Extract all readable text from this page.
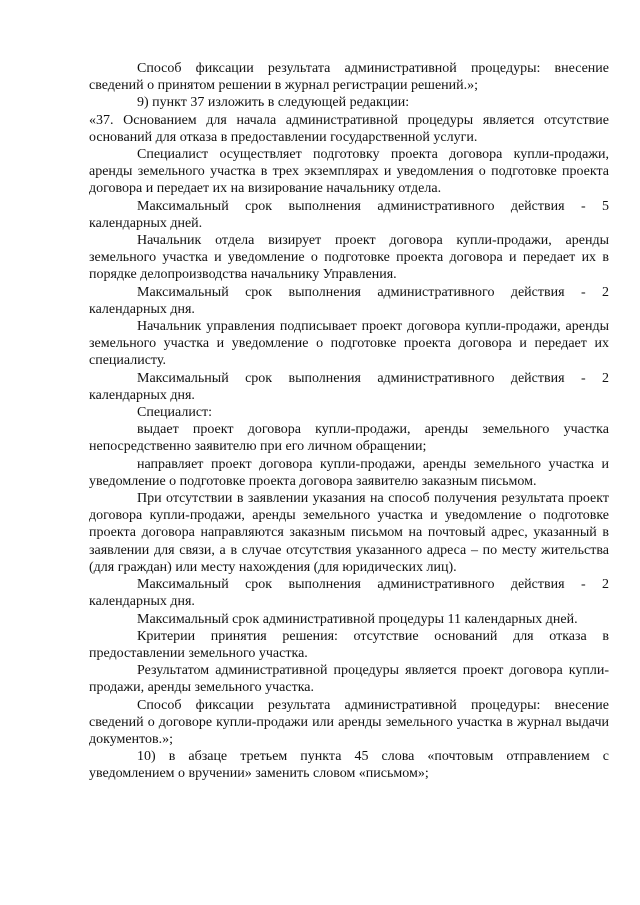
Способ фиксации результата административной процедуры: внесение сведений о принятом решении в журнал регистрации решений.»;

9) пункт 37 изложить в следующей редакции:

«37. Основанием для начала административной процедуры является отсутствие оснований для отказа в предоставлении государственной услуги.

Специалист осуществляет подготовку проекта договора купли-продажи, аренды земельного участка в трех экземплярах и уведомления о подготовке проекта договора и передает их на визирование начальнику отдела.

Максимальный срок выполнения административного действия - 5 календарных дней.

Начальник отдела визирует проект договора купли-продажи, аренды земельного участка и уведомление о подготовке проекта договора и передает их в порядке делопроизводства начальнику Управления.

Максимальный срок выполнения административного действия - 2 календарных дня.

Начальник управления подписывает проект договора купли-продажи, аренды земельного участка и уведомление о подготовке проекта договора и передает их специалисту.

Максимальный срок выполнения административного действия - 2 календарных дня.

Специалист:

выдает проект договора купли-продажи, аренды земельного участка непосредственно заявителю при его личном обращении;

направляет проект договора купли-продажи, аренды земельного участка и уведомление о подготовке проекта договора заявителю заказным письмом.

При отсутствии в заявлении указания на способ получения результата проект договора купли-продажи, аренды земельного участка и уведомление о подготовке проекта договора направляются заказным письмом на почтовый адрес, указанный в заявлении для связи, а в случае отсутствия указанного адреса – по месту жительства (для граждан) или месту нахождения (для юридических лиц).

Максимальный срок выполнения административного действия - 2 календарных дня.

Максимальный срок административной процедуры 11 календарных дней.

Критерии принятия решения: отсутствие оснований для отказа в предоставлении земельного участка.

Результатом административной процедуры является проект договора купли-продажи, аренды земельного участка.

Способ фиксации результата административной процедуры: внесение сведений о договоре купли-продажи или аренды земельного участка в журнал выдачи документов.»;

10) в абзаце третьем пункта 45 слова «почтовым отправлением с уведомлением о вручении» заменить словом «письмом»;
